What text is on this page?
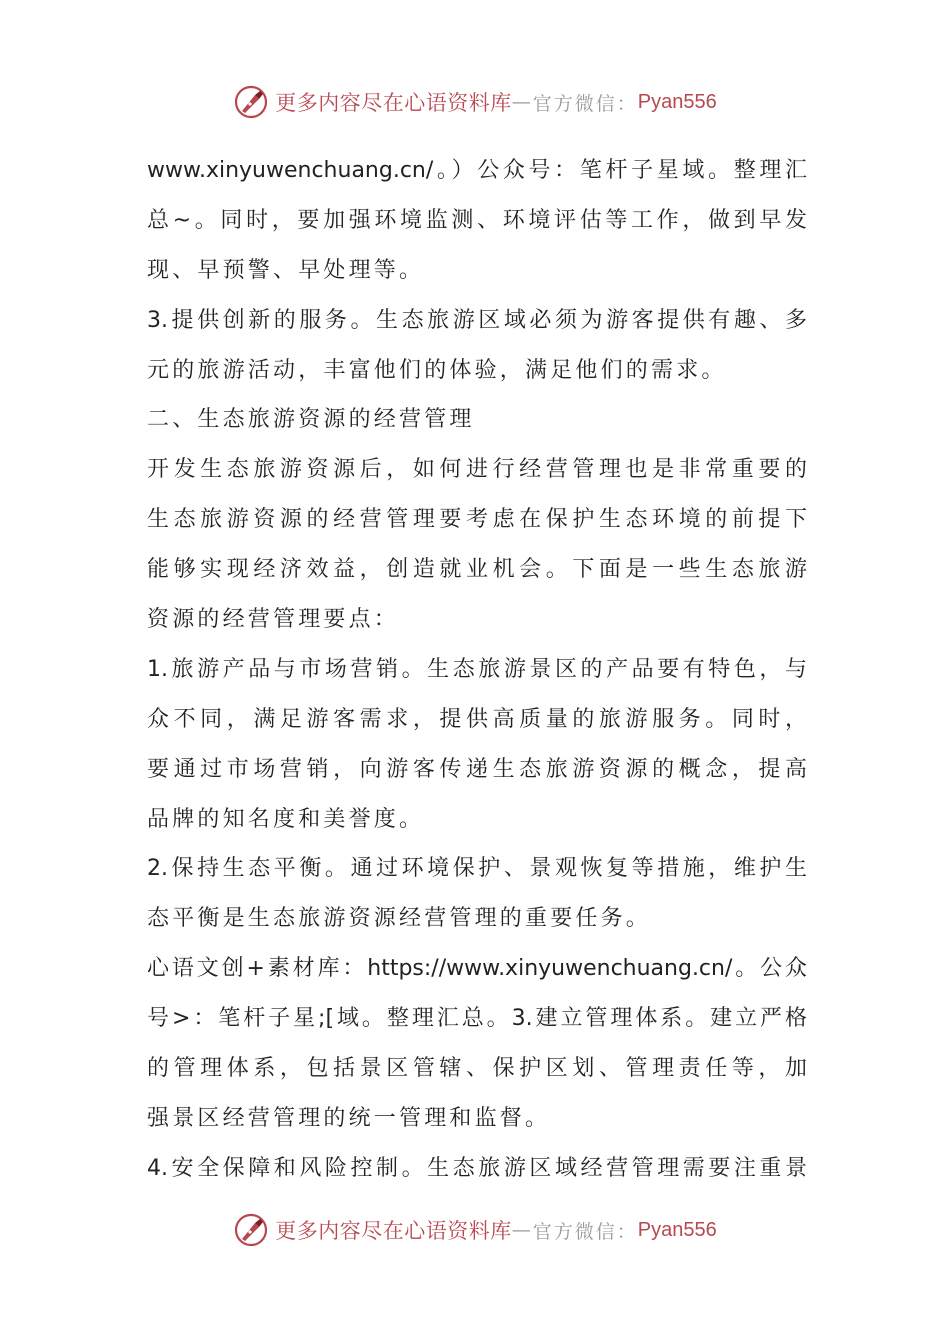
更多内容尽在心语资料库 — 官方微信： Pyan556
www.xinyuwenchuang.cn/。）公众号：笔杆子星域。整理汇
总~。同时，要加强环境监测、环境评估等工作，做到早发
现、早预警、早处理等。
3.提供创新的服务。生态旅游区域必须为游客提供有趣、多
元的旅游活动，丰富他们的体验，满足他们的需求。
二、生态旅游资源的经营管理
开发生态旅游资源后，如何进行经营管理也是非常重要的
生态旅游资源的经营管理要考虑在保护生态环境的前提下
能够实现经济效益，创造就业机会。下面是一些生态旅游
资源的经营管理要点：
1.旅游产品与市场营销。生态旅游景区的产品要有特色，与
众不同，满足游客需求，提供高质量的旅游服务。同时，
要通过市场营销，向游客传递生态旅游资源的概念，提高
品牌的知名度和美誉度。
2.保持生态平衡。通过环境保护、景观恢复等措施，维护生
态平衡是生态旅游资源经营管理的重要任务。
心语文创+素材库：https://www.xinyuwenchuang.cn/。公众
号>：笔杆子星;[域。整理汇总。3.建立管理体系。建立严格
的管理体系，包括景区管辖、保护区划、管理责任等，加
强景区经营管理的统一管理和监督。
4.安全保障和风险控制。生态旅游区域经营管理需要注重景
更多内容尽在心语资料库 — 官方微信： Pyan556
